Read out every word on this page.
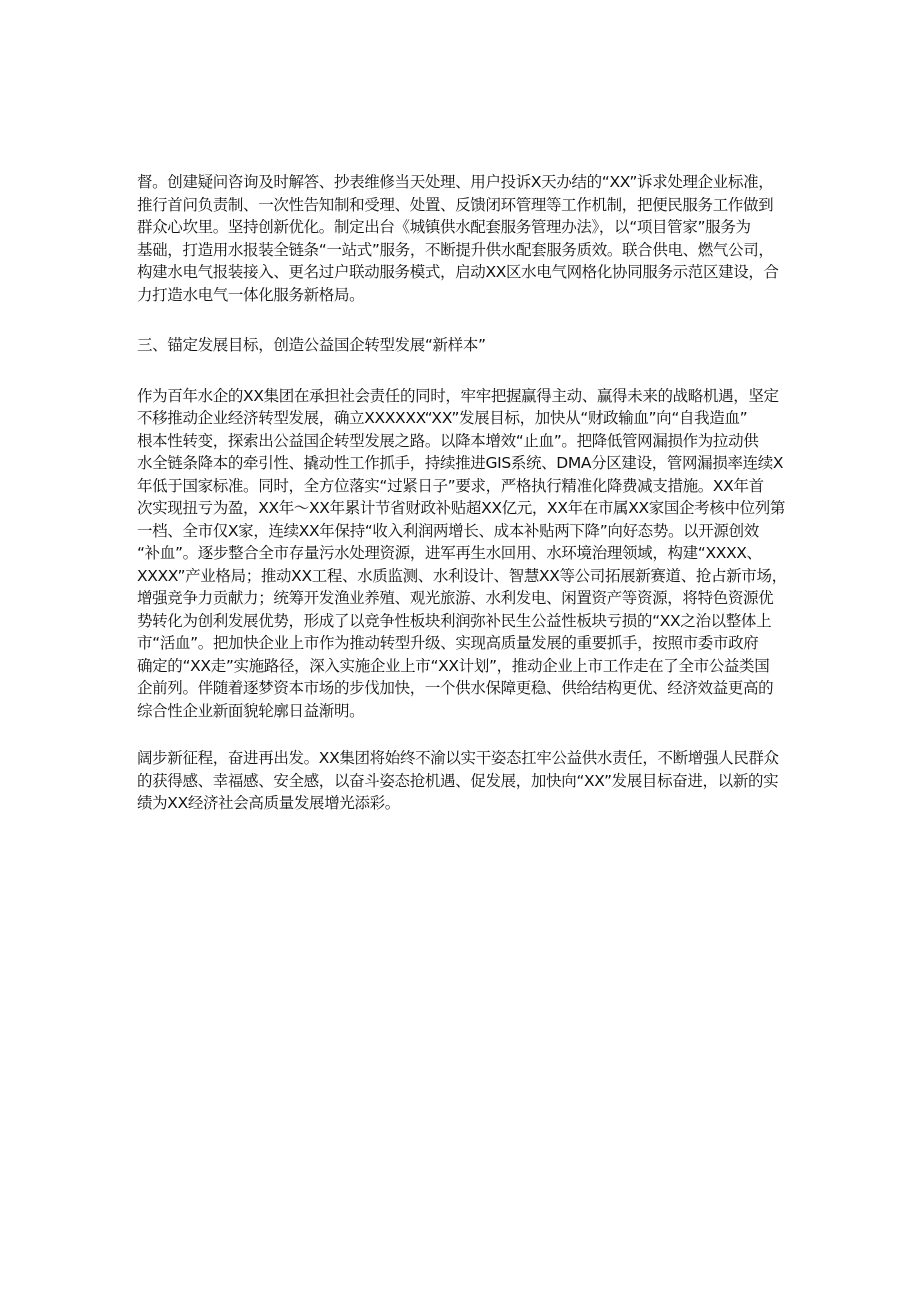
督。创建疑问咨询及时解答、抄表维修当天处理、用户投诉X天办结的“XX”诉求处理企业标准，
推行首问负责制、一次性告知制和受理、处置、反馈闭环管理等工作机制，把便民服务工作做到
群众心坎里。坚持创新优化。制定出台《城镇供水配套服务管理办法》，以“项目管家”服务为
基础，打造用水报装全链条“一站式”服务，不断提升供水配套服务质效。联合供电、燃气公司，
构建水电气报装接入、更名过户联动服务模式，启动XX区水电气网格化协同服务示范区建设，合
力打造水电气一体化服务新格局。

三、锚定发展目标，创造公益国企转型发展“新样本”

作为百年水企的XX集团在承担社会责任的同时，牢牢把握赢得主动、赢得未来的战略机遇，坚定
不移推动企业经济转型发展，确立XXXXXX“XX”发展目标，加快从“财政输血”向“自我造血”
根本性转变，探索出公益国企转型发展之路。以降本增效“止血”。把降低管网漏损作为拉动供
水全链条降本的牵引性、撬动性工作抓手，持续推进GIS系统、DMA分区建设，管网漏损率连续X
年低于国家标准。同时，全方位落实“过紧日子”要求，严格执行精准化降费减支措施。XX年首
次实现扭亏为盈，XX年～XX年累计节省财政补贴超XX亿元，XX年在市属XX家国企考核中位列第
一档、全市仅X家，连续XX年保持“收入利润两增长、成本补贴两下降”向好态势。以开源创效
“补血”。逐步整合全市存量污水处理资源，进军再生水回用、水环境治理领域，构建“XXXX、
XXXX”产业格局；推动XX工程、水质监测、水利设计、智慧XX等公司拓展新赛道、抢占新市场，
增强竞争力贡献力；统筹开发渔业养殖、观光旅游、水利发电、闲置资产等资源，将特色资源优
势转化为创利发展优势，形成了以竞争性板块利润弥补民生公益性板块亏损的“XX之治以整体上
市“活血”。把加快企业上市作为推动转型升级、实现高质量发展的重要抓手，按照市委市政府
确定的“XX走”实施路径，深入实施企业上市“XX计划”，推动企业上市工作走在了全市公益类国
企前列。伴随着逐梦资本市场的步伐加快，一个供水保障更稳、供给结构更优、经济效益更高的
综合性企业新面貌轮廓日益渐明。
阔步新征程，奋进再出发。XX集团将始终不渝以实干姿态扛牢公益供水责任，不断增强人民群众
的获得感、幸福感、安全感，以奋斗姿态抢机遇、促发展，加快向“XX”发展目标奋进，以新的实
绩为XX经济社会高质量发展增光添彩。
